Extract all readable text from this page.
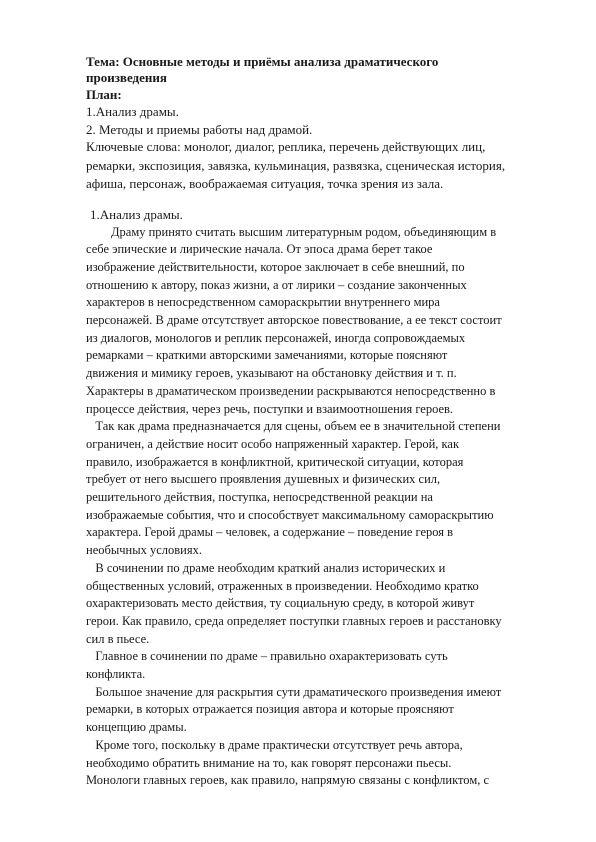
Тема: Основные методы и приёмы анализа драматического
произведения
План:
1.Анализ драмы.
2. Методы и приемы работы над драмой.
Ключевые слова: монолог, диалог, реплика, перечень действующих лиц,
ремарки, экспозиция, завязка, кульминация, развязка, сценическая история,
афиша, персонаж, воображаемая ситуация, точка зрения из зала.
1.Анализ драмы.
Драму принято считать высшим литературным родом, объединяющим в
себе эпические и лирические начала. От эпоса драма берет такое
изображение действительности, которое заключает в себе внешний, по
отношению к автору, показ жизни, а от лирики – создание законченных
характеров в непосредственном самораскрытии внутреннего мира
персонажей. В драме отсутствует авторское повествование, а ее текст состоит
из диалогов, монологов и реплик персонажей, иногда сопровождаемых
ремарками – краткими авторскими замечаниями, которые поясняют
движения и мимику героев, указывают на обстановку действия и т. п.
Характеры в драматическом произведении раскрываются непосредственно в
процессе действия, через речь, поступки и взаимоотношения героев.
Так как драма предназначается для сцены, объем ее в значительной степени
ограничен, а действие носит особо напряженный характер. Герой, как
правило, изображается в конфликтной, критической ситуации, которая
требует от него высшего проявления душевных и физических сил,
решительного действия, поступка, непосредственной реакции на
изображаемые события, что и способствует максимальному самораскрытию
характера. Герой драмы – человек, а содержание – поведение героя в
необычных условиях.
В сочинении по драме необходим краткий анализ исторических и
общественных условий, отраженных в произведении. Необходимо кратко
охарактеризовать место действия, ту социальную среду, в которой живут
герои. Как правило, среда определяет поступки главных героев и расстановку
сил в пьесе.
Главное в сочинении по драме – правильно охарактеризовать суть
конфликта.
Большое значение для раскрытия сути драматического произведения имеют
ремарки, в которых отражается позиция автора и которые проясняют
концепцию драмы.
Кроме того, поскольку в драме практически отсутствует речь автора,
необходимо обратить внимание на то, как говорят персонажи пьесы.
Монологи главных героев, как правило, напрямую связаны с конфликтом, с
